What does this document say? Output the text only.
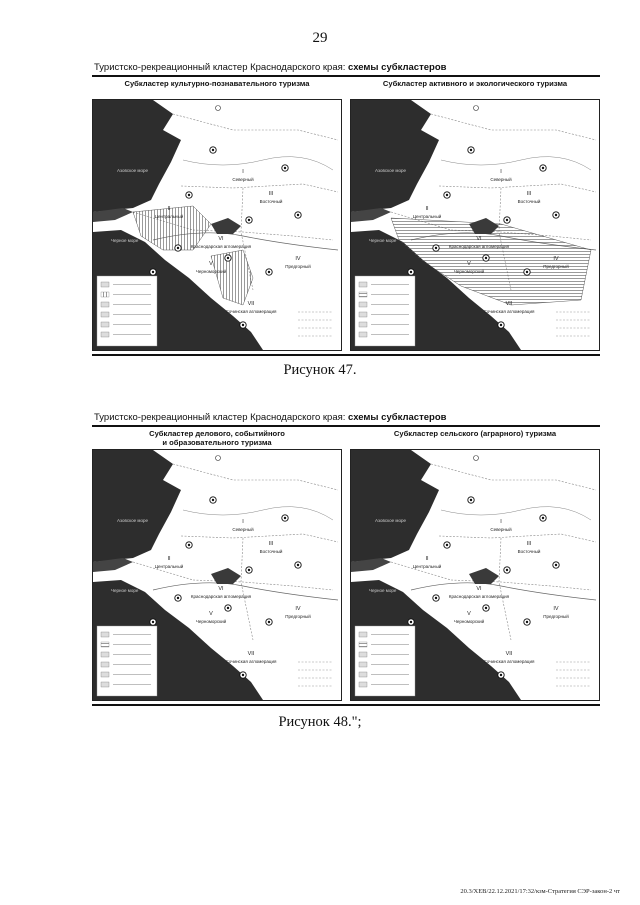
29
Туристско-рекреационный кластер Краснодарского края: схемы субкластеров
Субкластер культурно-познавательного туризма
Азовское море
Черное море
I
Северный
II
Центральный
III
Восточный
IV
Предгорный
V
Черноморский
VI
Краснодарская агломерация
VII
Сочинская агломерация
Субкластер активного и экологического туризма
Азовское море
Черное море
I
Северный
II
Центральный
III
Восточный
IV
Предгорный
V
Черноморский
VI
Краснодарская агломерация
VII
Сочинская агломерация
Рисунок 47.
Туристско-рекреационный кластер Краснодарского края: схемы субкластеров
Субкластер делового, событийного
и образовательного туризма
Азовское море
Черное море
I
Северный
II
Центральный
III
Восточный
IV
Предгорный
V
Черноморский
VI
Краснодарская агломерация
VII
Сочинская агломерация
Субкластер сельского (аграрного) туризма
Азовское море
Черное море
I
Северный
II
Центральный
III
Восточный
IV
Предгорный
V
Черноморский
VI
Краснодарская агломерация
VII
Сочинская агломерация
Рисунок 48.";
20.3/ХЕВ/22.12.2021/17:32/кзм-Стратегия СЭР-закон-2 чт
